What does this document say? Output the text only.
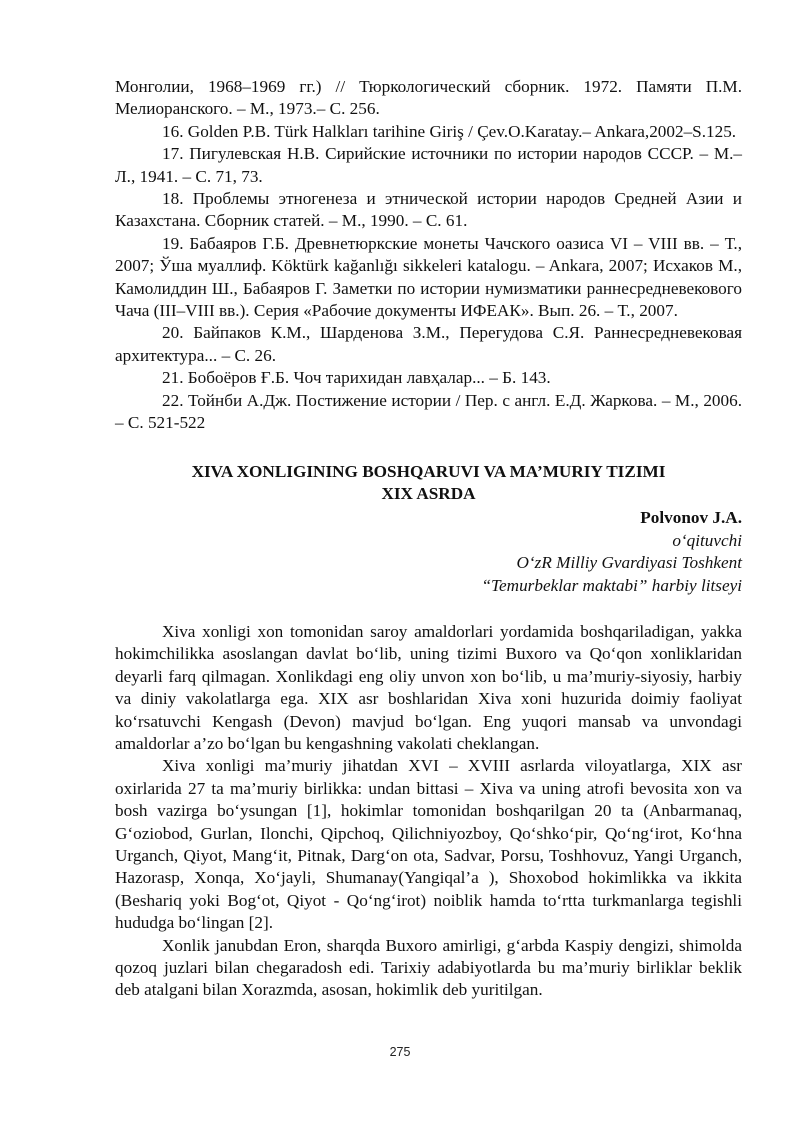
Монголии, 1968–1969 гг.) // Тюркологический сборник. 1972. Памяти П.М. Мелиоранского. – М., 1973.– С. 256.

16. Golden P.B. Türk Halkları tarihine Giriş / Çev.O.Karatay.– Ankara,2002–S.125.

17. Пигулевская Н.В. Сирийские источники по истории народов СССР. – М.–Л., 1941. – С. 71, 73.

18. Проблемы этногенеза и этнической истории народов Средней Азии и Казахстана. Сборник статей. – М., 1990. – С. 61.

19. Бабаяров Г.Б. Древнетюркские монеты Чачского оазиса VI – VIII вв. – Т., 2007; Ўша муаллиф. Köktürk kağanlığı sikkeleri katalogu. – Ankara, 2007; Исхаков М., Камолиддин Ш., Бабаяров Г. Заметки по истории нумизматики раннесредневекового Чача (III–VIII вв.). Серия «Рабочие документы ИФЕАК». Вып. 26. – Т., 2007.

20. Байпаков К.М., Шарденова З.М., Перегудова С.Я. Раннесредневековая архитектура... – С. 26.

21. Бобоёров Ғ.Б. Чоч тарихидан лавҳалар... – Б. 143.

22. Тойнби А.Дж. Постижение истории / Пер. с англ. Е.Д. Жаркова. – М., 2006. – С. 521-522

XIVA XONLIGINING BOSHQARUVI VA MA’MURIY TIZIMI
XIX ASRDA
Polvonov J.A.
o‘qituvchi
O‘zR Milliy Gvardiyasi Toshkent
“Temurbeklar maktabi” harbiy litseyi

Xiva xonligi xon tomonidan saroy amaldorlari yordamida boshqariladigan, yakka hokimchilikka asoslangan davlat bo‘lib, uning tizimi Buxoro va Qo‘qon xonliklaridan deyarli farq qilmagan. Xonlikdagi eng oliy unvon xon bo‘lib, u ma’muriy-siyosiy, harbiy va diniy vakolatlarga ega. XIX asr boshlaridan Xiva xoni huzurida doimiy faoliyat ko‘rsatuvchi Kengash (Devon) mavjud bo‘lgan. Eng yuqori mansab va unvondagi amaldorlar a’zo bo‘lgan bu kengashning vakolati cheklangan.

Xiva xonligi ma’muriy jihatdan XVI – XVIII asrlarda viloyatlarga, XIX asr oxirlarida 27 ta ma’muriy birlikka: undan bittasi – Xiva va uning atrofi bevosita xon va bosh vazirga bo‘ysungan [1], hokimlar tomonidan boshqarilgan 20 ta (Anbarmanaq, G‘oziobod, Gurlan, Ilonchi, Qipchoq, Qilichniyozboy, Qo‘shko‘pir, Qo‘ng‘irot, Ko‘hna Urganch, Qiyot, Mang‘it, Pitnak, Darg‘on ota, Sadvar, Porsu, Toshhovuz, Yangi Urganch, Hazorasp, Xonqa, Xo‘jayli, Shumanay(Yangiqal’a ), Shoxobod hokimlikka va ikkita (Beshariq yoki Bog‘ot, Qiyot - Qo‘ng‘irot) noiblik hamda to‘rtta turkmanlarga tegishli hududga bo‘lingan [2].

Xonlik janubdan Eron, sharqda Buxoro amirligi, g‘arbda Kaspiy dengizi, shimolda qozoq juzlari bilan chegaradosh edi. Tarixiy adabiyotlarda bu ma’muriy birliklar beklik deb atalgani bilan Xorazmda, asosan, hokimlik deb yuritilgan.

275
